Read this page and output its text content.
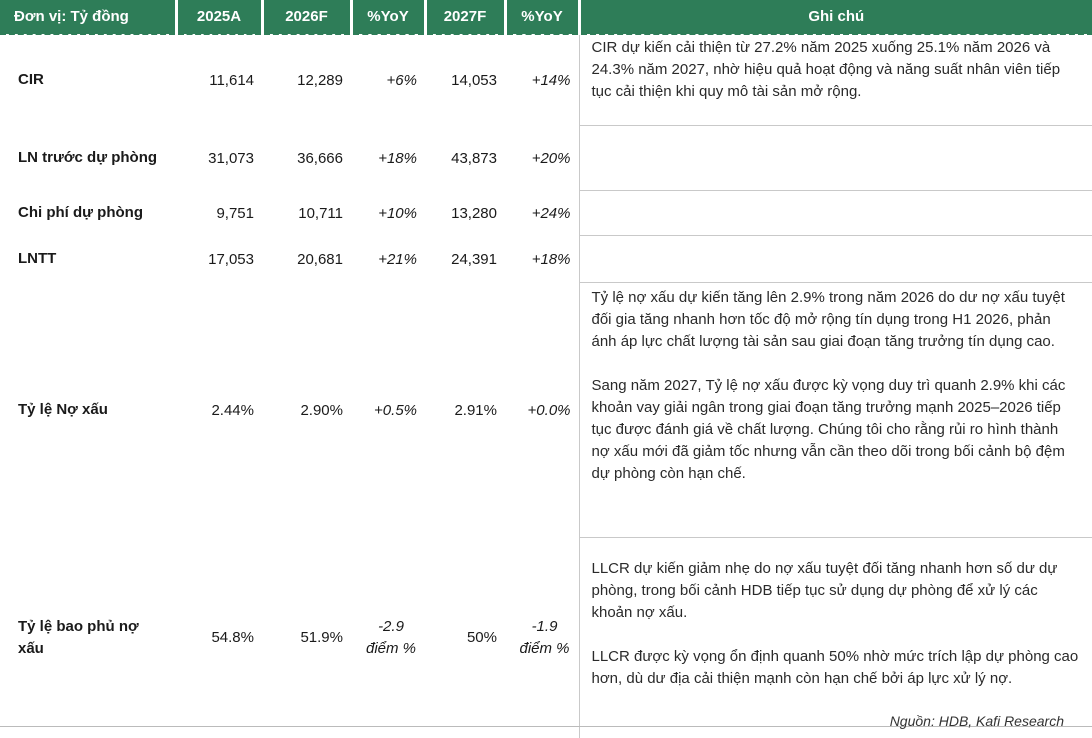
Đơn vị: Tỷ đồng	2025A	2026F	%YoY	2027F	%YoY	Ghi chú
CIR	11,614	12,289	+6%	14,053	+14%	CIR dự kiến cải thiện từ 27.2% năm 2025 xuống 25.1% năm 2026 và 24.3% năm 2027, nhờ hiệu quả hoạt động và năng suất nhân viên tiếp tục cải thiện khi quy mô tài sản mở rộng.

LN trước dự phòng	31,073	36,666	+18%	43,873	+20%	
Chi phí dự phòng	9,751	10,711	+10%	13,280	+24%	
LNTT	17,053	20,681	+21%	24,391	+18%	
Tỷ lệ Nợ xấu	2.44%	2.90%	+0.5%	2.91%	+0.0%	Tỷ lệ nợ xấu dự kiến tăng lên 2.9% trong năm 2026 do dư nợ xấu tuyệt đối gia tăng nhanh hơn tốc độ mở rộng tín dụng trong H1 2026, phản ánh áp lực chất lượng tài sản sau giai đoạn tăng trưởng tín dụng cao.

Sang năm 2027, Tỷ lệ nợ xấu được kỳ vọng duy trì quanh 2.9% khi các khoản vay giải ngân trong giai đoạn tăng trưởng mạnh 2025–2026 tiếp tục được đánh giá về chất lượng. Chúng tôi cho rằng rủi ro hình thành nợ xấu mới đã giảm tốc nhưng vẫn cần theo dõi trong bối cảnh bộ đệm dự phòng còn hạn chế.

Tỷ lệ bao phủ nợ xấu	54.8%	51.9%	-2.9 điểm %	50%	-1.9 điểm %	LLCR dự kiến giảm nhẹ do nợ xấu tuyệt đối tăng nhanh hơn số dư dự phòng, trong bối cảnh HDB tiếp tục sử dụng dự phòng để xử lý các khoản nợ xấu.

LLCR được kỳ vọng ổn định quanh 50% nhờ mức trích lập dự phòng cao hơn, dù dư địa cải thiện mạnh còn hạn chế bởi áp lực xử lý nợ.

Nguồn: HDB, Kafi Research
